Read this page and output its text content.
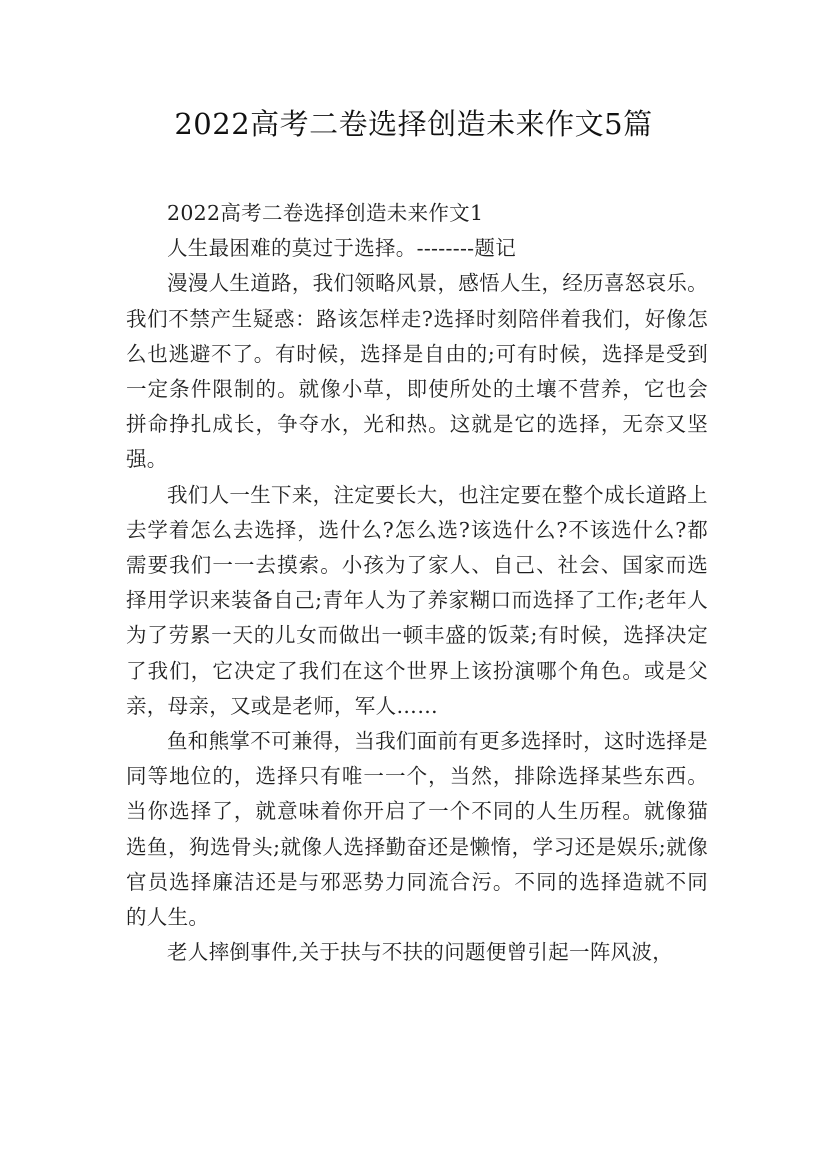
2022高考二卷选择创造未来作文5篇

2022高考二卷选择创造未来作文1

人生最困难的莫过于选择。--------题记

漫漫人生道路，我们领略风景，感悟人生，经历喜怒哀乐。我们不禁产生疑惑：路该怎样走?选择时刻陪伴着我们，好像怎么也逃避不了。有时候，选择是自由的;可有时候，选择是受到一定条件限制的。就像小草，即使所处的土壤不营养，它也会拼命挣扎成长，争夺水，光和热。这就是它的选择，无奈又坚强。

我们人一生下来，注定要长大，也注定要在整个成长道路上去学着怎么去选择，选什么?怎么选?该选什么?不该选什么?都需要我们一一去摸索。小孩为了家人、自己、社会、国家而选择用学识来装备自己;青年人为了养家糊口而选择了工作;老年人为了劳累一天的儿女而做出一顿丰盛的饭菜;有时候，选择决定了我们，它决定了我们在这个世界上该扮演哪个角色。或是父亲，母亲，又或是老师，军人……

鱼和熊掌不可兼得，当我们面前有更多选择时，这时选择是同等地位的，选择只有唯一一个，当然，排除选择某些东西。当你选择了，就意味着你开启了一个不同的人生历程。就像猫选鱼，狗选骨头;就像人选择勤奋还是懒惰，学习还是娱乐;就像官员选择廉洁还是与邪恶势力同流合污。不同的选择造就不同的人生。

老人摔倒事件,关于扶与不扶的问题便曾引起一阵风波，
